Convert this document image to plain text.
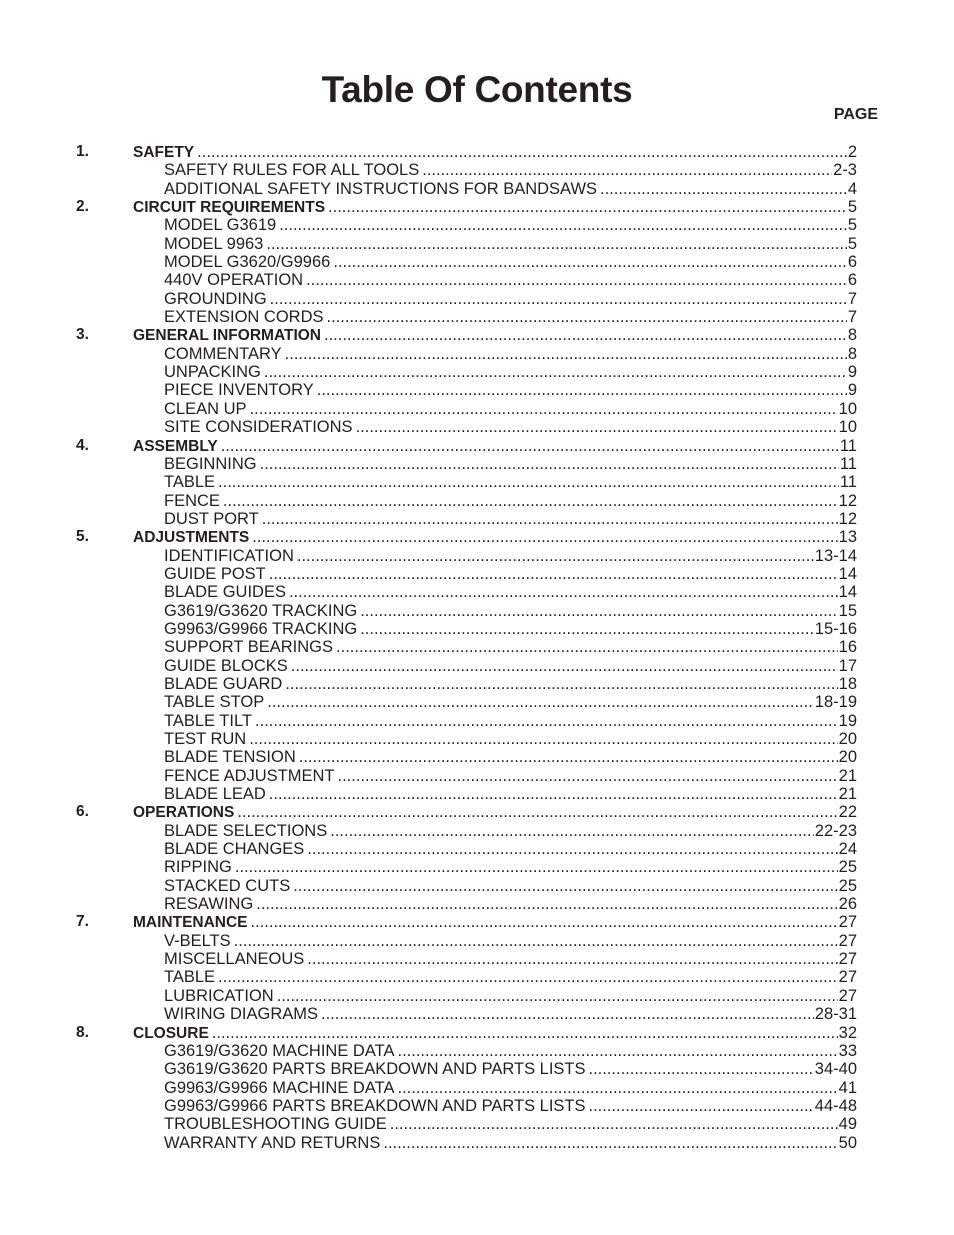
Table Of Contents
PAGE
1.	SAFETY .....	2
SAFETY RULES FOR ALL TOOLS .....	2-3
ADDITIONAL SAFETY INSTRUCTIONS FOR BANDSAWS .....	4
2.	CIRCUIT REQUIREMENTS .....	5
MODEL G3619 .....	5
MODEL 9963 .....	5
MODEL G3620/G9966 .....	6
440V OPERATION .....	6
GROUNDING .....	7
EXTENSION CORDS .....	7
3.	GENERAL INFORMATION .....	8
COMMENTARY .....	8
UNPACKING .....	9
PIECE INVENTORY .....	9
CLEAN UP .....	10
SITE CONSIDERATIONS .....	10
4.	ASSEMBLY .....	11
BEGINNING .....	11
TABLE .....	11
FENCE .....	12
DUST PORT .....	12
5.	ADJUSTMENTS .....	13
IDENTIFICATION .....	13-14
GUIDE POST .....	14
BLADE GUIDES .....	14
G3619/G3620 TRACKING .....	15
G9963/G9966 TRACKING .....	15-16
SUPPORT BEARINGS .....	16
GUIDE BLOCKS .....	17
BLADE GUARD .....	18
TABLE STOP .....	18-19
TABLE TILT .....	19
TEST RUN .....	20
BLADE TENSION .....	20
FENCE ADJUSTMENT .....	21
BLADE LEAD .....	21
6.	OPERATIONS .....	22
BLADE SELECTIONS .....	22-23
BLADE CHANGES .....	24
RIPPING .....	25
STACKED CUTS .....	25
RESAWING .....	26
7.	MAINTENANCE .....	27
V-BELTS .....	27
MISCELLANEOUS .....	27
TABLE .....	27
LUBRICATION .....	27
WIRING DIAGRAMS .....	28-31
8.	CLOSURE .....	32
G3619/G3620 MACHINE DATA .....	33
G3619/G3620 PARTS BREAKDOWN AND PARTS LISTS .....	34-40
G9963/G9966 MACHINE DATA .....	41
G9963/G9966 PARTS BREAKDOWN AND PARTS LISTS .....	44-48
TROUBLESHOOTING GUIDE .....	49
WARRANTY AND RETURNS .....	50
